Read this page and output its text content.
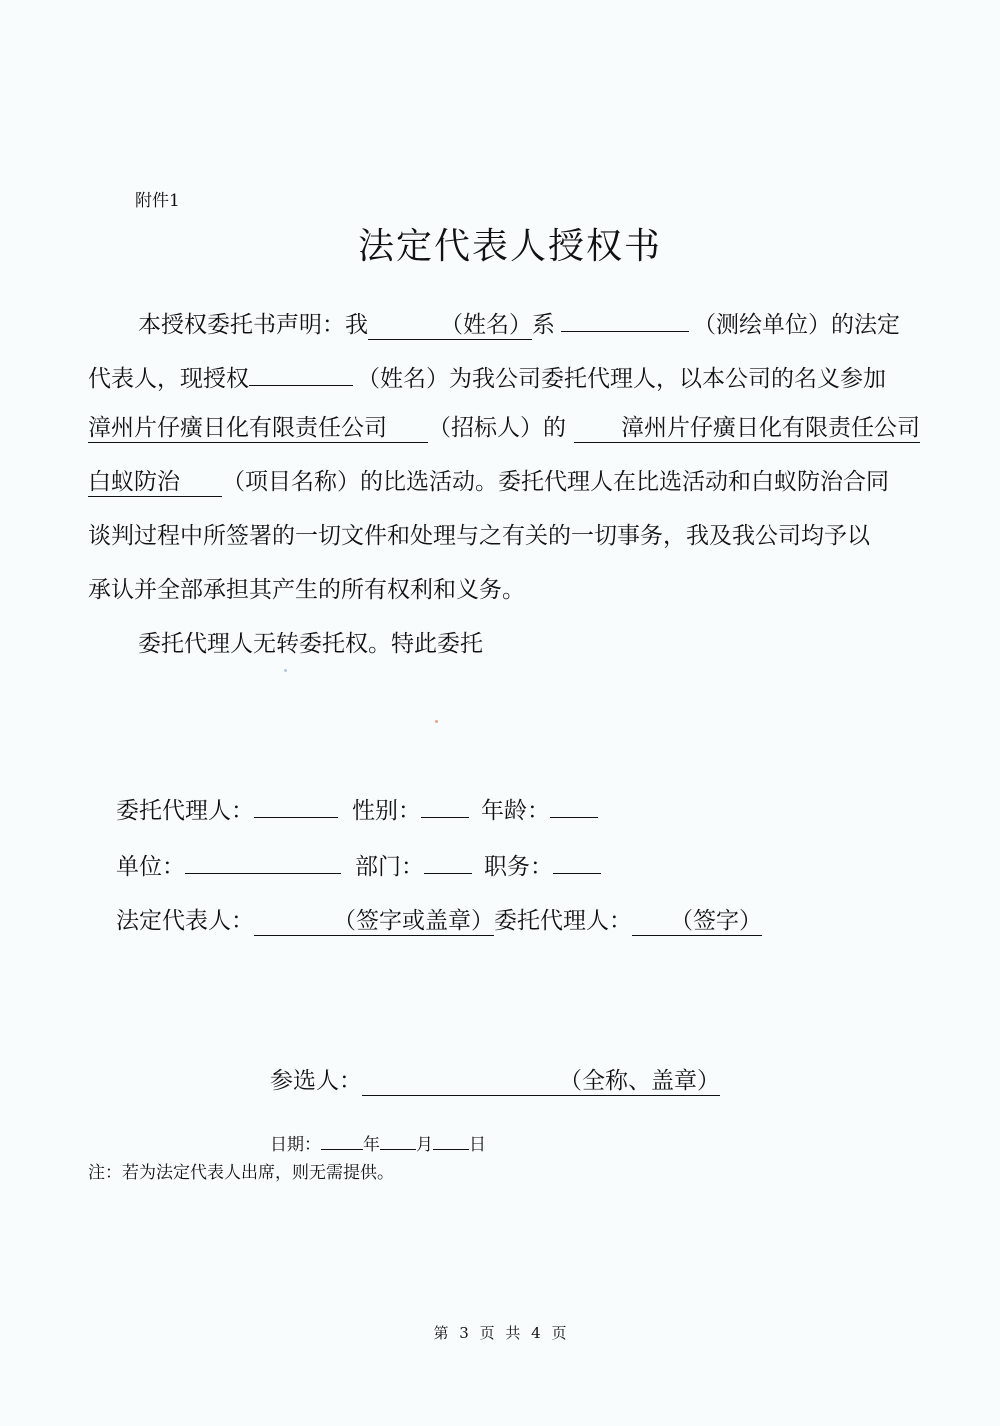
附件1
法定代表人授权书
本授权委托书声明：我	（姓名）系	（测绘单位）的法定
代表人，现授权	（姓名）为我公司委托代理人，以本公司的名义参加
漳州片仔癀日化有限责任公司 （招标人）的 漳州片仔癀日化有限责任公司
白蚁防治 （项目名称）的比选活动。委托代理人在比选活动和白蚁防治合同
谈判过程中所签署的一切文件和处理与之有关的一切事务，我及我公司均予以
承认并全部承担其产生的所有权利和义务。
委托代理人无转委托权。特此委托
委托代理人：	性别：	年龄：
单位：	部门：	职务：
法定代表人：	（签字或盖章）委托代理人： （签字）
参选人：	（全称、盖章）
日期： 年 月 日
注：若为法定代表人出席，则无需提供。
第 3 页 共 4 页
